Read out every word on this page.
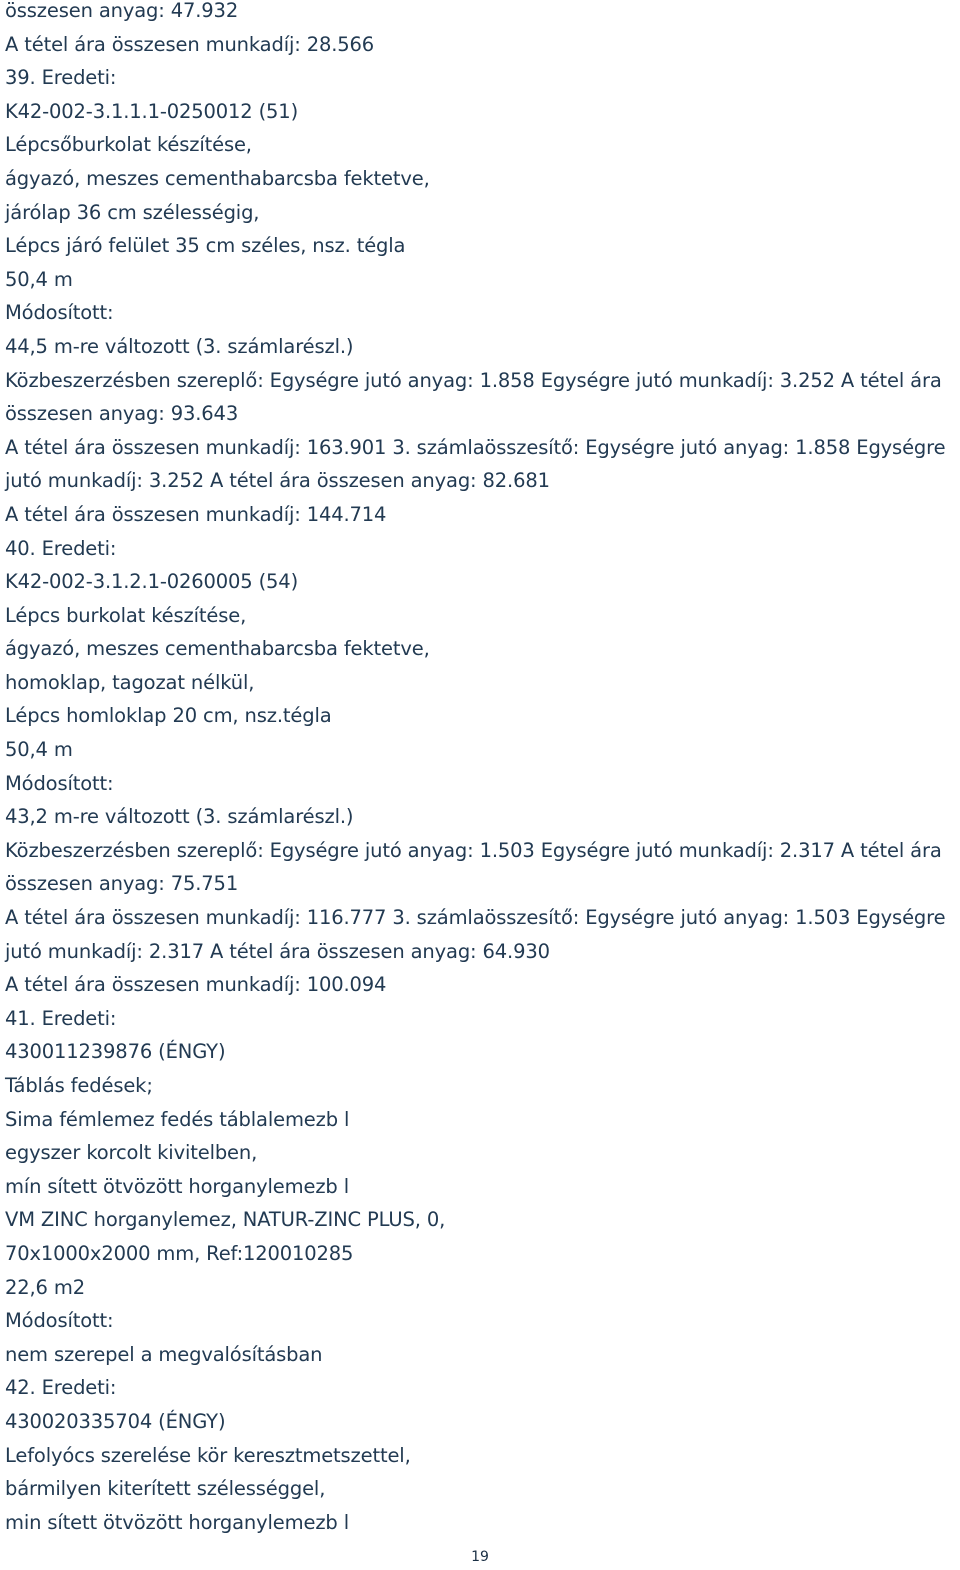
összesen anyag: 47.932
A tétel ára összesen munkadíj: 28.566
39. Eredeti:
K42-002-3.1.1.1-0250012 (51)
Lépcsőburkolat készítése,
ágyazó, meszes cementhabarcsba fektetve,
járólap 36 cm szélességig,
Lépcs járó felület 35 cm széles, nsz. tégla
50,4 m
Módosított:
44,5 m-re változott (3. számlarészl.)
Közbeszerzésben szereplő: Egységre jutó anyag: 1.858 Egységre jutó munkadíj: 3.252 A tétel ára
összesen anyag: 93.643
A tétel ára összesen munkadíj: 163.901 3. számlaösszesítő: Egységre jutó anyag: 1.858 Egységre
jutó munkadíj: 3.252 A tétel ára összesen anyag: 82.681
A tétel ára összesen munkadíj: 144.714
40. Eredeti:
K42-002-3.1.2.1-0260005 (54)
Lépcs burkolat készítése,
ágyazó, meszes cementhabarcsba fektetve,
homoklap, tagozat nélkül,
Lépcs homloklap 20 cm, nsz.tégla
50,4 m
Módosított:
43,2 m-re változott (3. számlarészl.)
Közbeszerzésben szereplő: Egységre jutó anyag: 1.503 Egységre jutó munkadíj: 2.317 A tétel ára
összesen anyag: 75.751
A tétel ára összesen munkadíj: 116.777 3. számlaösszesítő: Egységre jutó anyag: 1.503 Egységre
jutó munkadíj: 2.317 A tétel ára összesen anyag: 64.930
A tétel ára összesen munkadíj: 100.094
41. Eredeti:
430011239876 (ÉNGY)
Táblás fedések;
Sima fémlemez fedés táblalemezb l
egyszer korcolt kivitelben,
mín sített ötvözött horganylemezb l
VM ZINC horganylemez, NATUR-ZINC PLUS, 0,
70x1000x2000 mm, Ref:120010285
22,6 m2
Módosított:
nem szerepel a megvalósításban
42. Eredeti:
430020335704 (ÉNGY)
Lefolyócs szerelése kör keresztmetszettel,
bármilyen kiterített szélességgel,
min sített ötvözött horganylemezb l
19
